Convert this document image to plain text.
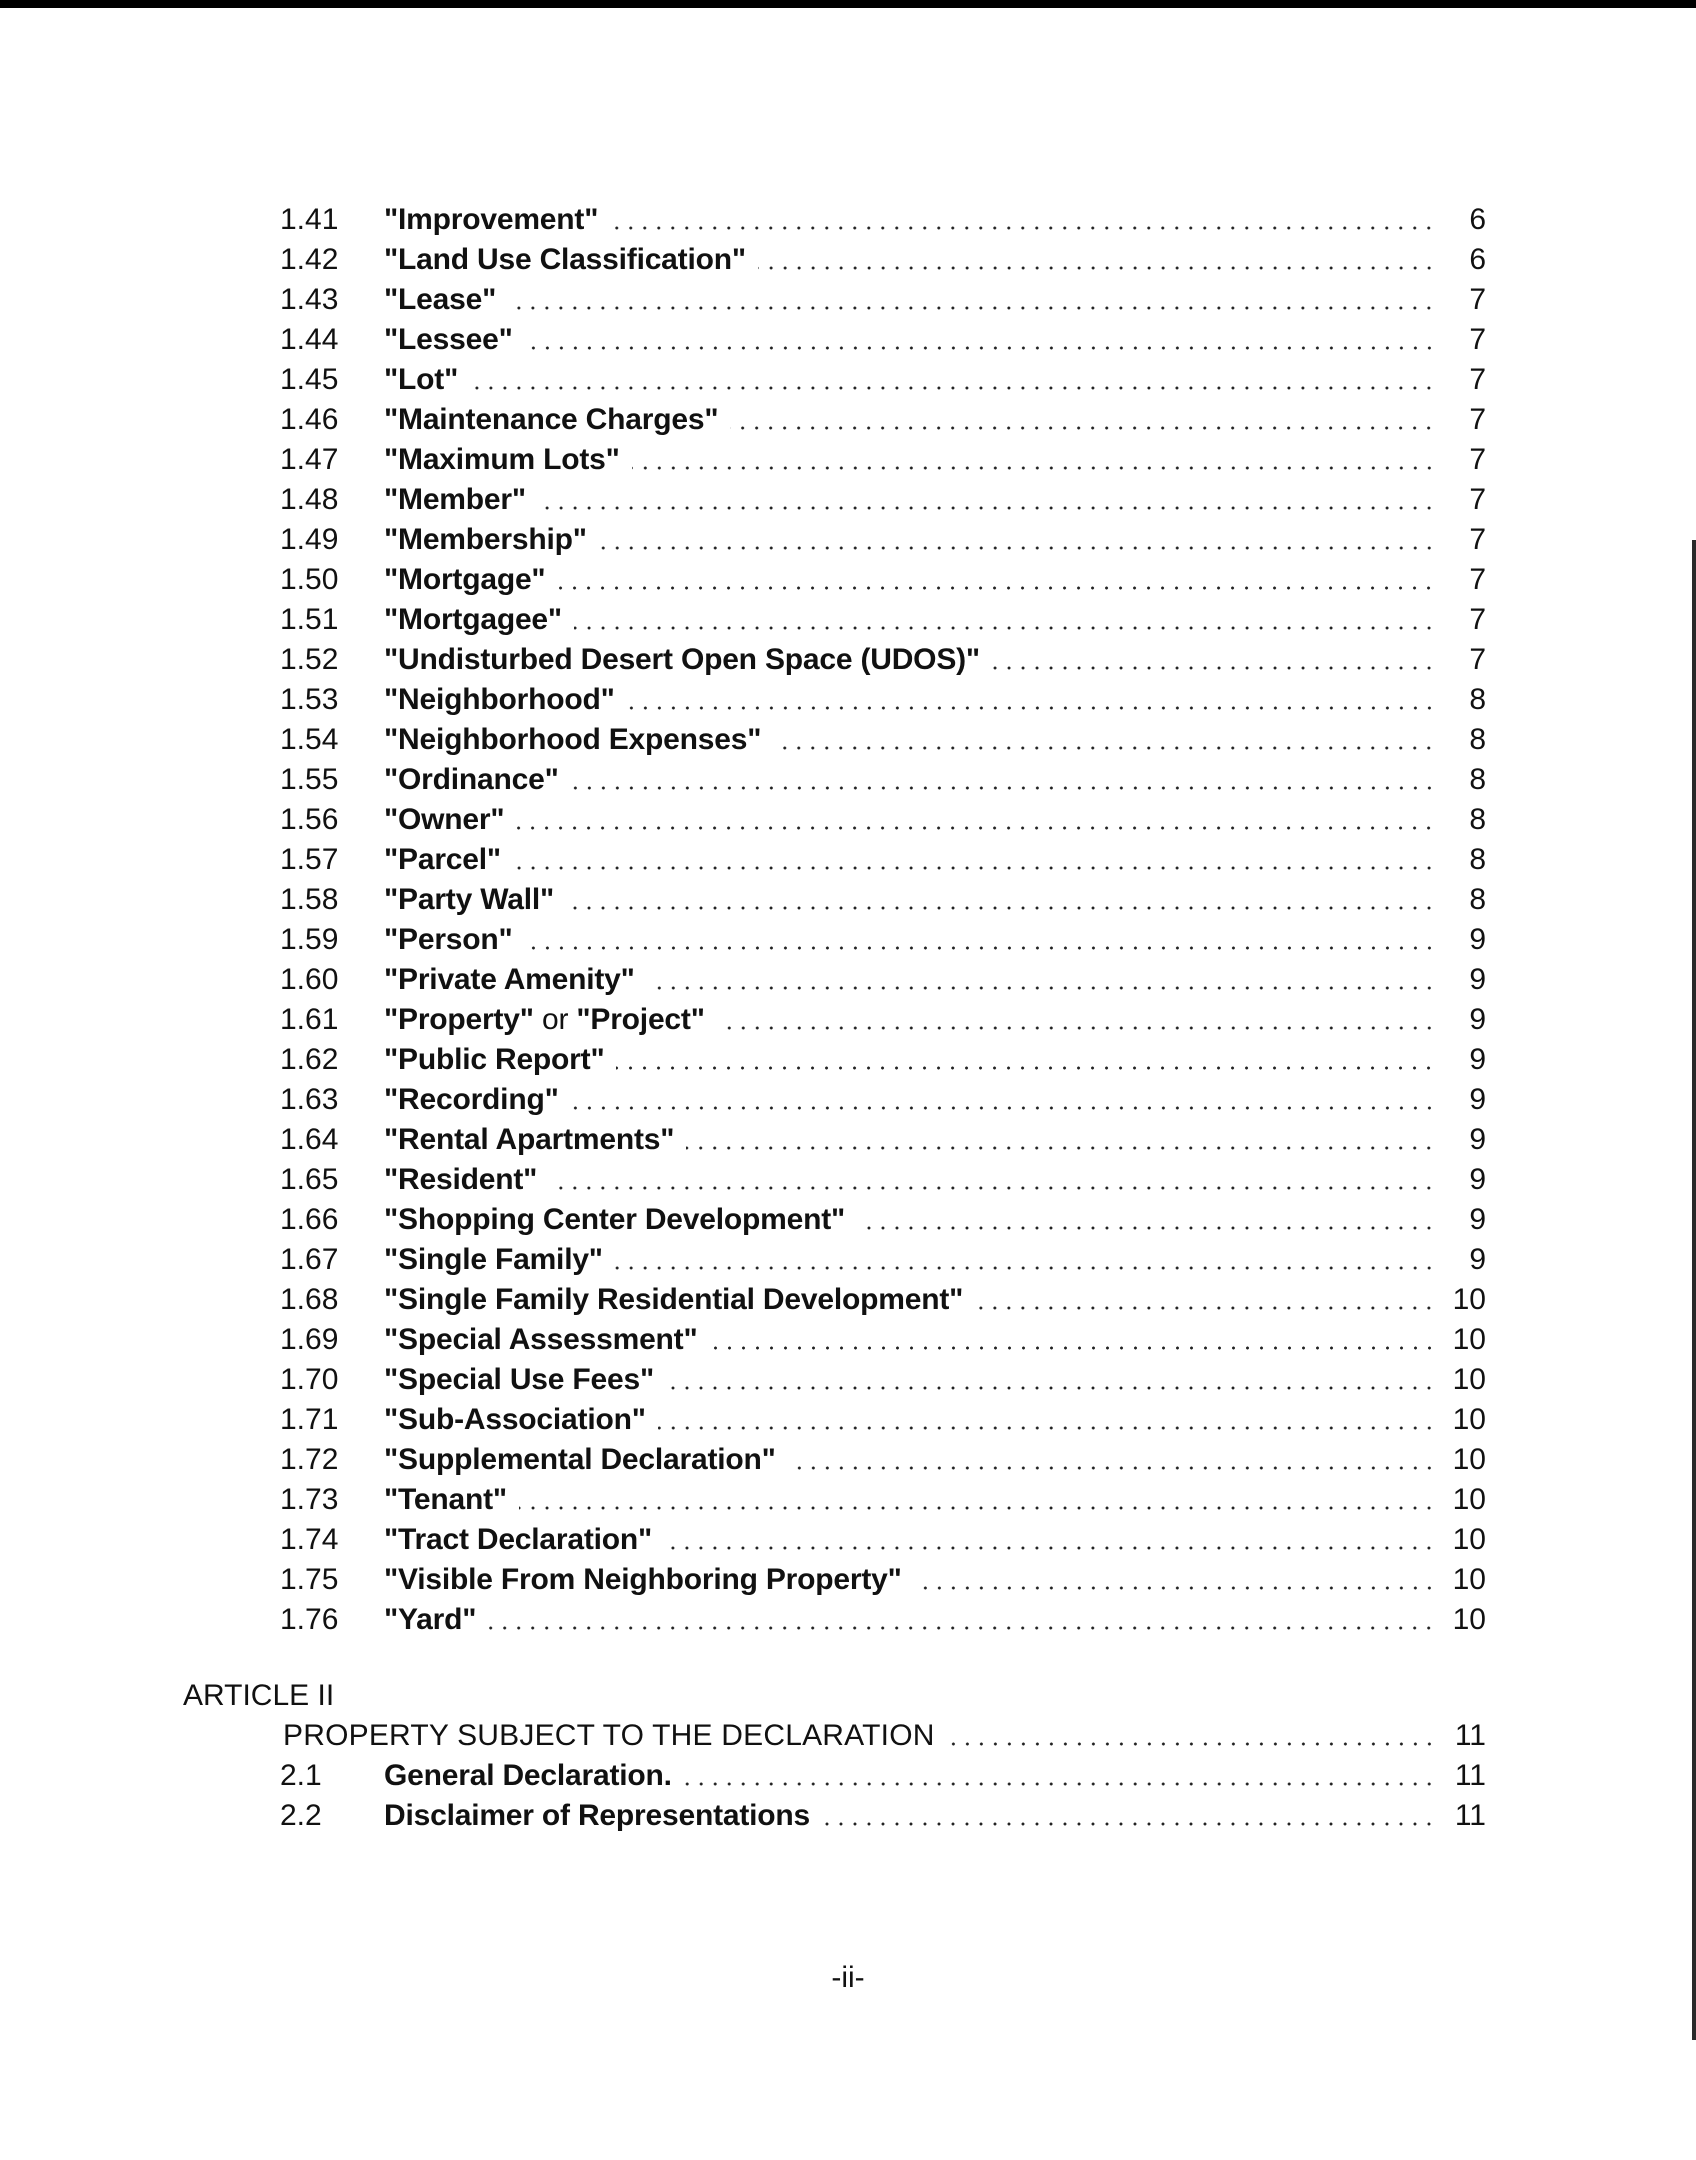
1.41	"Improvement"	6
1.42	"Land Use Classification"	6
1.43	"Lease"	7
1.44	"Lessee"	7
1.45	"Lot"	7
1.46	"Maintenance Charges"	7
1.47	"Maximum Lots"	7
1.48	"Member"	7
1.49	"Membership"	7
1.50	"Mortgage"	7
1.51	"Mortgagee"	7
1.52	"Undisturbed Desert Open Space (UDOS)"	7
1.53	"Neighborhood"	8
1.54	"Neighborhood Expenses"	8
1.55	"Ordinance"	8
1.56	"Owner"	8
1.57	"Parcel"	8
1.58	"Party Wall"	8
1.59	"Person"	9
1.60	"Private Amenity"	9
1.61	"Property" or "Project"	9
1.62	"Public Report"	9
1.63	"Recording"	9
1.64	"Rental Apartments"	9
1.65	"Resident"	9
1.66	"Shopping Center Development"	9
1.67	"Single Family"	9
1.68	"Single Family Residential Development"	10
1.69	"Special Assessment"	10
1.70	"Special Use Fees"	10
1.71	"Sub-Association"	10
1.72	"Supplemental Declaration"	10
1.73	"Tenant"	10
1.74	"Tract Declaration"	10
1.75	"Visible From Neighboring Property"	10
1.76	"Yard"	10
ARTICLE II
PROPERTY SUBJECT TO THE DECLARATION	11
2.1	General Declaration.	11
2.2	Disclaimer of Representations	11
-ii-
